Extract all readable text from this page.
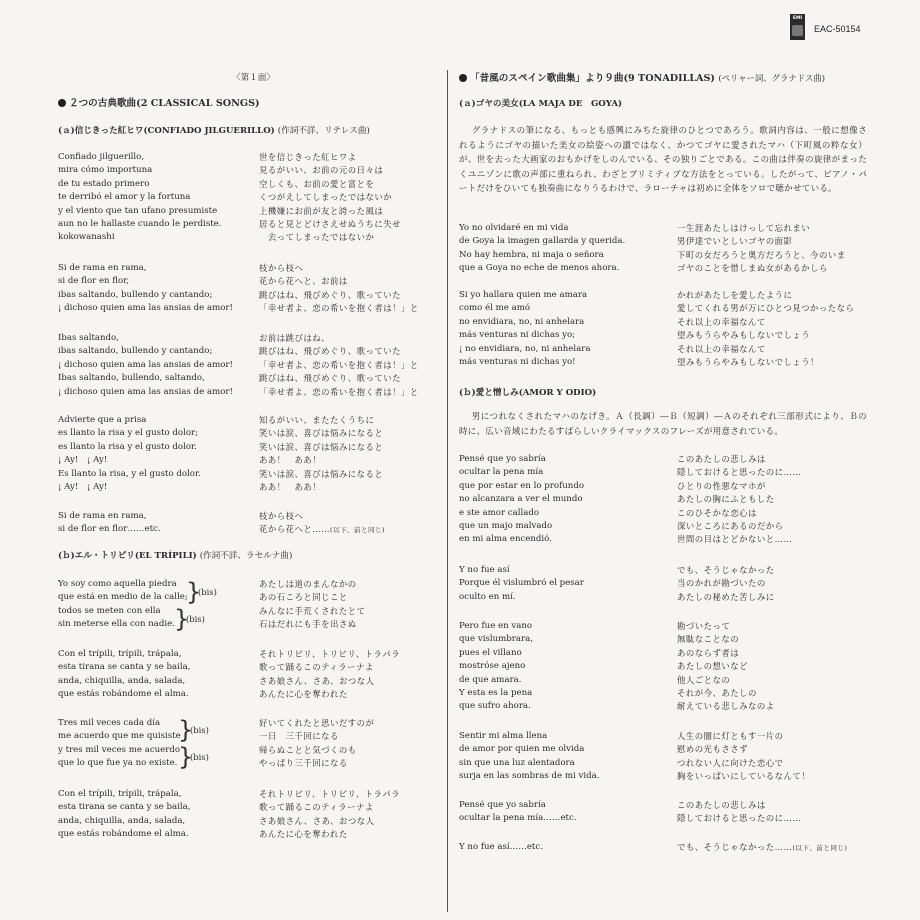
EMI
EAC-50154
〈第１面〉
２つの古典歌曲(2 CLASSICAL SONGS)
(ａ)信じきった紅ヒワ(CONFIADO JILGUERILLO) (作詞不詳、リテレス曲)
Confiado jilguerillo,
mira cómo importuna
de tu estado primero
te derribó el amor y la fortuna
y el viento que tan ufano presumiste
aun no le hallaste cuando le perdiste.
kokowanashi
世を信じきった紅ヒワよ
見るがいい、お前の元の日々は
空しくも、お前の愛と富とを
くつがえしてしまったではないか
上機嫌にお前が友と誇った風は
居ると見とどけさえせぬうちに失せ
　去ってしまったではないか
Si de rama en rama,
si de flor en flor,
ibas saltando, bullendo y cantando;
¡ dichoso quien ama las ansias de amor!
枝から枝へ
花から花へと、お前は
跳びはね、飛びめぐり、歌っていた
「幸せ者よ、恋の希いを抱く者は！」と
Ibas saltando,
ibas saltando, bullendo y cantando;
¡ dichoso quien ama las ansias de amor!
Ibas saltando, bullendo, saltando,
¡ dichoso quien ama las ansias de amor!
お前は跳びはね、
跳びはね、飛びめぐり、歌っていた
「幸せ者よ、恋の希いを抱く者は！」と
跳びはね、飛びめぐり、歌っていた
「幸せ者よ、恋の希いを抱く者は！」と
Advierte que a prisa
es llanto la risa y el gusto dolor;
es llanto la risa y el gusto dolor.
¡ Ay!　¡ Ay!
Es llanto la risa, y el gusto dolor.
¡ Ay!　¡ Ay!
知るがいい、またたくうちに
笑いは涙、喜びは悩みになると
笑いは涙、喜びは悩みになると
ああ！　ああ！
笑いは涙、喜びは悩みになると
ああ！　ああ！
Si de rama en rama,
si de flor en flor……etc.
枝から枝へ
花から花へと……(以下、前と同じ)
(ｂ)エル・トリピリ(EL TRÍPILI) (作詞不詳、ラセルナ曲)
Yo soy como aquella piedra
que está en medio de la calle;
todos se meten con ella
sin meterse ella con nadie.
}
(bis)
}
(bis)
あたしは道のまんなかの
あの石ころと同じこと
みんなに手荒くされたとて
石はだれにも手を出さぬ
Con el trípili, trípili, trápala,
esta tirana se canta y se baila,
anda, chiquilla, anda, salada,
que estás robándome el alma.
それトリピリ、トリピリ、トラパラ
歌って踊るこのティラーナよ
さあ娘さん、さあ、おつな人
あんたに心を奪われた
Tres mil veces cada día
me acuerdo que me quisiste
y tres mil veces me acuerdo
que lo que fue ya no existe.
}
(bis)
}
(bis)
好いてくれたと思いだすのが
一日　三千回になる
帰らぬことと気づくのも
やっぱり三千回になる
Con el trípili, trípili, trápala,
esta tirana se canta y se baila,
anda, chiquilla, anda, salada,
que estás robándome el alma.
それトリピリ、トリピリ、トラパラ
歌って踊るこのティラーナよ
さあ娘さん、さあ、おつな人
あんたに心を奪われた
「昔風のスペイン歌曲集」より９曲(9 TONADILLAS) (ペリャー詞、グラナドス曲)
(ａ)ゴヤの美女(LA MAJA DE　GOYA)
グラナドスの筆になる、もっとも感興にみちた旋律のひとつであろう。歌詞内容は、一般に想像されるようにゴヤの描いた美女の絵姿への讃ではなく、かつてゴヤに愛されたマハ（下町風の粋な女）が、世を去った大画家のおもかげをしのんでいる、その独りごとである。この曲は伴奏の旋律がまったくユニゾンに歌の声部に重ねられ、わざとプリミティブな方法をとっている。したがって、ピアノ・パートだけをひいても独奏曲になりうるわけで、ラローチャは初めに全体をソロで聴かせている。
Yo no olvidaré en mi vida
de Goya la imagen gallarda y querida.
No hay hembra, ni maja o señora
que a Goya no eche de menos ahora.
一生涯あたしはけっして忘れまい
男伊達でいとしいゴヤの面影
下町の女だろうと奥方だろうと、今のいま
ゴヤのことを惜しまぬ女があるかしら
Si yo hallara quien me amara
como él me amó
no envidiara, no, ni anhelara
más venturas ni dichas yo;
¡ no envidiara, no, ni anhelara
más venturas ni dichas yo!
かれがあたしを愛したように
愛してくれる男が万にひとつ見つかったなら
それ以上の幸福なんて
望みもうらやみもしないでしょう
それ以上の幸福なんて
望みもうらやみもしないでしょう！
(ｂ)愛と憎しみ(AMOR Y ODIO)
男につれなくされたマハのなげき。Ａ（長調）―Ｂ（短調）―Ａのそれぞれ三部形式により、Ｂの時に、広い音域にわたるすばらしいクライマックスのフレーズが用意されている。
Pensé que yo sabría
ocultar la pena mía
que por estar en lo profundo
no alcanzara a ver el mundo
e ste amor callado
que un majo malvado
en mi alma encendió.
このあたしの悲しみは
隠しておけると思ったのに……
ひとりの性悪なマホが
あたしの胸にふともした
このひそかな恋心は
深いところにあるのだから
世間の目はとどかないと……
Y no fue así
Porque él vislumbró el pesar
oculto en mí.
でも、そうじゃなかった
当のかれが勘づいたの
あたしの秘めた苦しみに
Pero fue en vano
que vislumbrara,
pues el villano
mostróse ajeno
de que amara.
Y esta es la pena
que sufro ahora.
勘づいたって
無駄なことなの
あのならず者は
あたしの想いなど
他人ごとなの
それが今、あたしの
耐えている悲しみなのよ
Sentir mi alma llena
de amor por quien me olvida
sin que una luz alentadora
surja en las sombras de mi vida.
人生の闇に灯ともす一片の
慰めの光もささず
つれない人に向けた恋心で
胸をいっぱいにしているなんて！
Pensé que yo sabría
ocultar la pena mía……etc.
このあたしの悲しみは
隠しておけると思ったのに……
Y no fue así……etc.	でも、そうじゃなかった……(以下、前と同じ)
